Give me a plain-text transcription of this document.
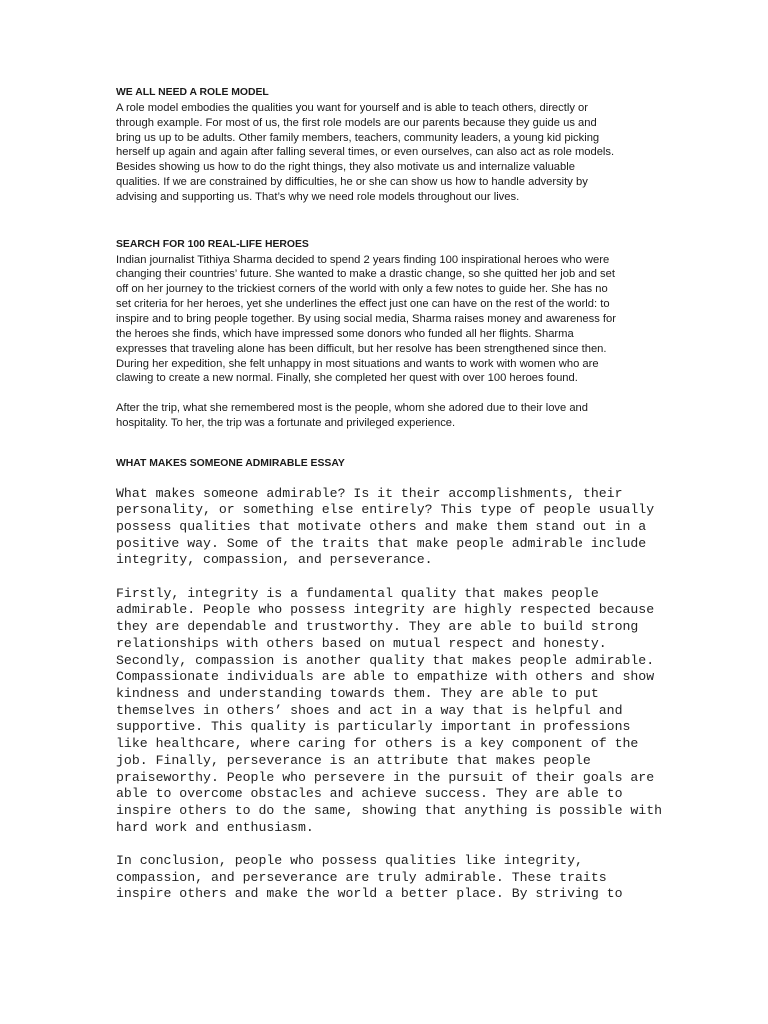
WE ALL NEED A ROLE MODEL

A role model embodies the qualities you want for yourself and is able to teach others, directly or
through example. For most of us, the first role models are our parents because they guide us and
bring us up to be adults. Other family members, teachers, community leaders, a young kid picking
herself up again and again after falling several times, or even ourselves, can also act as role models.
Besides showing us how to do the right things, they also motivate us and internalize valuable
qualities. If we are constrained by difficulties, he or she can show us how to handle adversity by
advising and supporting us. That’s why we need role models throughout our lives.

SEARCH FOR 100 REAL-LIFE HEROES

Indian journalist Tithiya Sharma decided to spend 2 years finding 100 inspirational heroes who were
changing their countries’ future. She wanted to make a drastic change, so she quitted her job and set
off on her journey to the trickiest corners of the world with only a few notes to guide her. She has no
set criteria for her heroes, yet she underlines the effect just one can have on the rest of the world: to
inspire and to bring people together. By using social media, Sharma raises money and awareness for
the heroes she finds, which have impressed some donors who funded all her flights. Sharma
expresses that traveling alone has been difficult, but her resolve has been strengthened since then.
During her expedition, she felt unhappy in most situations and wants to work with women who are
clawing to create a new normal. Finally, she completed her quest with over 100 heroes found.

After the trip, what she remembered most is the people, whom she adored due to their love and
hospitality. To her, the trip was a fortunate and privileged experience.

WHAT MAKES SOMEONE ADMIRABLE ESSAY

What makes someone admirable? Is it their accomplishments, their
personality, or something else entirely? This type of people usually
possess qualities that motivate others and make them stand out in a
positive way. Some of the traits that make people admirable include
integrity, compassion, and perseverance.

Firstly, integrity is a fundamental quality that makes people
admirable. People who possess integrity are highly respected because
they are dependable and trustworthy. They are able to build strong
relationships with others based on mutual respect and honesty.
Secondly, compassion is another quality that makes people admirable.
Compassionate individuals are able to empathize with others and show
kindness and understanding towards them. They are able to put
themselves in others’ shoes and act in a way that is helpful and
supportive. This quality is particularly important in professions
like healthcare, where caring for others is a key component of the
job. Finally, perseverance is an attribute that makes people
praiseworthy. People who persevere in the pursuit of their goals are
able to overcome obstacles and achieve success. They are able to
inspire others to do the same, showing that anything is possible with
hard work and enthusiasm.

In conclusion, people who possess qualities like integrity,
compassion, and perseverance are truly admirable. These traits
inspire others and make the world a better place. By striving to
